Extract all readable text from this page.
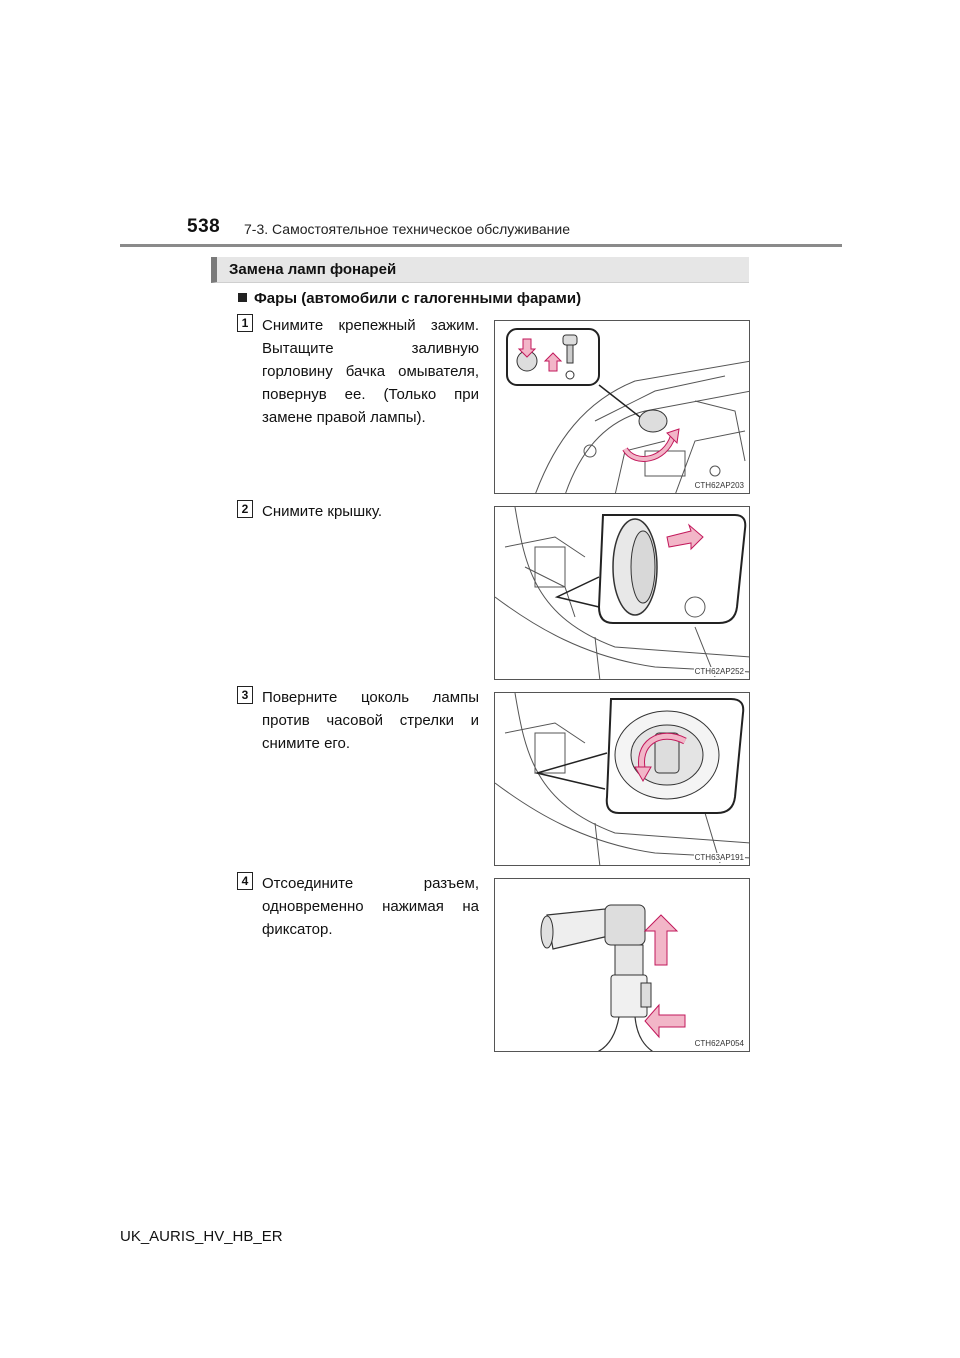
538 7-3. Самостоятельное техническое обслуживание
Замена ламп фонарей
Фары (автомобили с галогенными фарами)
1 Снимите крепежный зажим. Вытащите заливную горловину бачка омывателя, повернув ее. (Только при замене правой лампы).
CTH62AP203
2 Снимите крышку.
CTH62AP252
3 Поверните цоколь лампы против часовой стрелки и снимите его.
CTH63AP191
4 Отсоедините разъем, одновременно нажимая на фиксатор.
CTH62AP054
UK_AURIS_HV_HB_ER
